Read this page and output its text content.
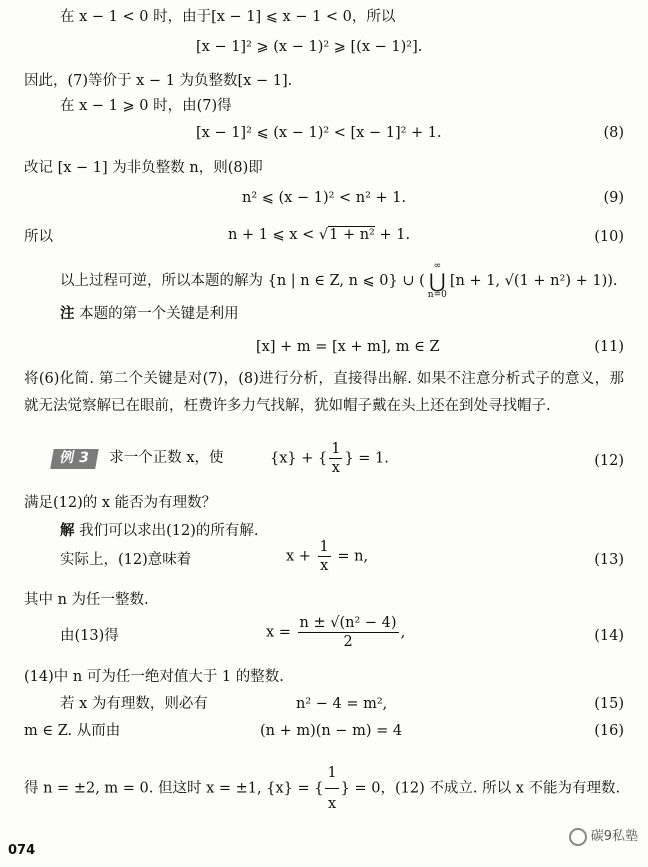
在 x − 1 < 0 时，由于[x − 1] ⩽ x − 1 < 0，所以
[x − 1]² ⩾ (x − 1)² ⩾ [(x − 1)²].
因此，(7)等价于 x − 1 为负整数[x − 1].
在 x − 1 ⩾ 0 时，由(7)得
[x − 1]² ⩽ (x − 1)² < [x − 1]² + 1.	(8)
改记 [x − 1] 为非负整数 n，则(8)即
n² ⩽ (x − 1)² < n² + 1.	(9)
所以	n + 1 ⩽ x < √1 + n² + 1.	(10)
以上过程可逆，所以本题的解为 {n | n ∈ Z, n ⩽ 0} ∪ (
∞
⋃
n=0
[n + 1, √(1 + n²) + 1)).
注 本题的第一个关键是利用
[x] + m = [x + m], m ∈ Z	(11)
将(6)化简. 第二个关键是对(7)，(8)进行分析，直接得出解. 如果不注意分析式子的意义，那就无法觉察解已在眼前，枉费许多力气找解，犹如帽子戴在头上还在到处寻找帽子.
例 3 求一个正数 x，使	{x} + { $\frac{1}{x}$ } = 1.	(12)
满足(12)的 x 能否为有理数？
解 我们可以求出(12)的所有解.
实际上，(12)意味着	$x + \frac{1}{x} = n$,	(13)
其中 n 为任一整数.
由(13)得	$x = \frac{\text{n ± √(n² − 4)}}{2}$ ,	(14)
(14)中 n 可为任一绝对值大于 1 的整数.
若 x 为有理数，则必有	n² − 4 = m²,	(15)
m ∈ Z. 从而由	(n + m)(n − m) = 4	(16)
得 n = ±2, m = 0. 但这时 x = ±1, {x} = { $\frac{1}{x}$ } = 0，(12) 不成立. 所以 x 不能为有理数.
074
碳9私塾
